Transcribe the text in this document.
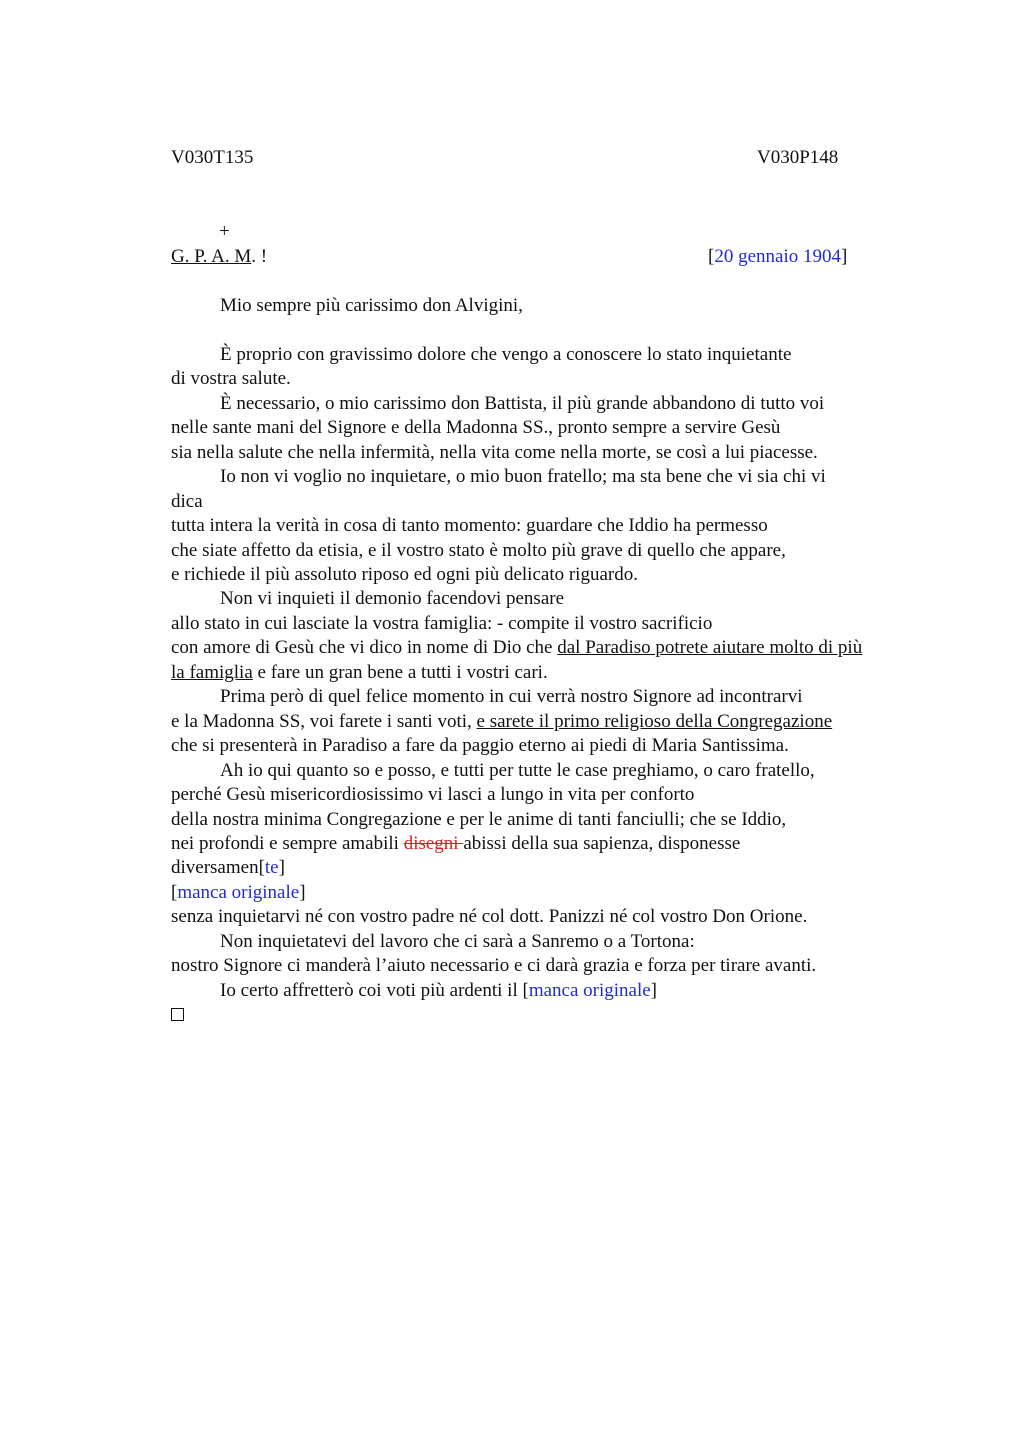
V030T135	V030P148
+
G. P. A. M. !	[20 gennaio 1904]
Mio sempre più carissimo don Alvigini,
È proprio con gravissimo dolore che vengo a conoscere lo stato inquietante
di vostra salute.
È necessario, o mio carissimo don Battista, il più grande abbandono di tutto voi
nelle sante mani del Signore e della Madonna SS., pronto sempre a servire Gesù
sia nella salute che nella infermità, nella vita come nella morte, se così a lui piacesse.
Io non vi voglio no inquietare, o mio buon fratello; ma sta bene che vi sia chi vi
dica
tutta intera la verità in cosa di tanto momento: guardare che Iddio ha permesso
che siate affetto da etisia, e il vostro stato è molto più grave di quello che appare,
e richiede il più assoluto riposo ed ogni più delicato riguardo.
Non vi inquieti il demonio facendovi pensare
allo stato in cui lasciate la vostra famiglia: - compite il vostro sacrificio
con amore di Gesù che vi dico in nome di Dio che dal Paradiso potrete aiutare molto di più
la famiglia e fare un gran bene a tutti i vostri cari.
Prima però di quel felice momento in cui verrà nostro Signore ad incontrarvi
e la Madonna SS, voi farete i santi voti, e sarete il primo religioso della Congregazione
che si presenterà in Paradiso a fare da paggio eterno ai piedi di Maria Santissima.
Ah io qui quanto so e posso, e tutti per tutte le case preghiamo, o caro fratello,
perché Gesù misericordiosissimo vi lasci a lungo in vita per conforto
della nostra minima Congregazione e per le anime di tanti fanciulli; che se Iddio,
nei profondi e sempre amabili disegni abissi della sua sapienza, disponesse
diversamen[te]
[manca originale]
senza inquietarvi né con vostro padre né col dott. Panizzi né col vostro Don Orione.
Non inquietatevi del lavoro che ci sarà a Sanremo o a Tortona:
nostro Signore ci manderà l’aiuto necessario e ci darà grazia e forza per tirare avanti.
Io certo affretterò coi voti più ardenti il [manca originale]
